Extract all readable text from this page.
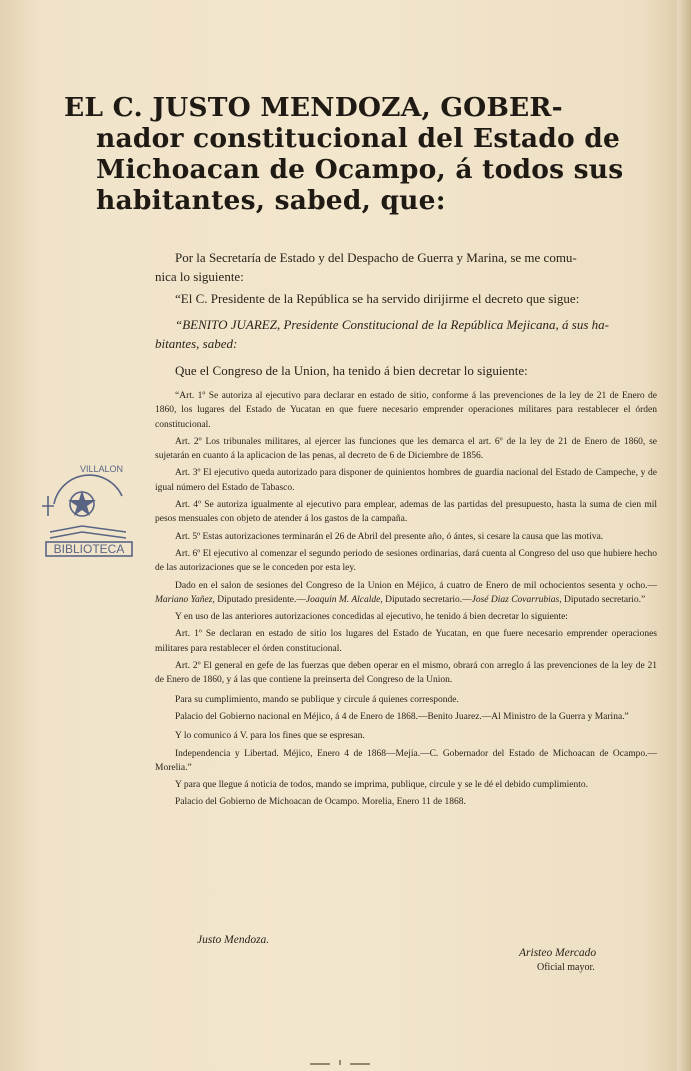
EL C. JUSTO MENDOZA, GOBER-
nador constitucional del Estado de
Michoacan de Ocampo, á todos sus
habitantes, sabed, que:

Por la Secretaría de Estado y del Despacho de Guerra y Marina, se me comu-
nica lo siguiente:

“El C. Presidente de la República se ha servido dirijirme el decreto que sigue:

“BENITO JUAREZ, Presidente Constitucional de la República Mejicana, á sus ha-
bitantes, sabed:

Que el Congreso de la Union, ha tenido á bien decretar lo siguiente:

“Art. 1º Se autoriza al ejecutivo para declarar en estado de sitio, conforme á las prevenciones de la ley de 21 de Enero de 1860, los lugares del Estado de Yucatan en que fuere necesario emprender operaciones militares para restablecer el órden constitucional.

Art. 2º Los tribunales militares, al ejercer las funciones que les demarca el art. 6º de la ley de 21 de Enero de 1860, se sujetarán en cuanto á la aplicacion de las penas, al decreto de 6 de Diciembre de 1856.

Art. 3º El ejecutivo queda autorizado para disponer de quinientos hombres de guardia nacional del Estado de Campeche, y de igual número del Estado de Tabasco.

Art. 4º Se autoriza igualmente al ejecutivo para emplear, ademas de las partidas del presupuesto, hasta la suma de cien mil pesos mensuales con objeto de atender á los gastos de la campaña.

Art. 5º Estas autorizaciones terminarán el 26 de Abril del presente año, ó ántes, si cesare la causa que las motiva.

Art. 6º El ejecutivo al comenzar el segundo periodo de sesiones ordinarias, dará cuenta al Congreso del uso que hubiere hecho de las autorizaciones que se le conceden por esta ley.

Dado en el salon de sesiones del Congreso de la Union en Méjico, á cuatro de Enero de mil ochocientos sesenta y ocho.—Mariano Yañez, Diputado presidente.—Joaquin M. Alcalde, Diputado secretario.—José Diaz Covarrubias, Diputado secretario.”

Y en uso de las anteriores autorizaciones concedidas al ejecutivo, he tenido á bien decretar lo siguiente:

Art. 1º Se declaran en estado de sitio los lugares del Estado de Yucatan, en que fuere necesario emprender operaciones militares para restablecer el órden constitucional.

Art. 2º El general en gefe de las fuerzas que deben operar en el mismo, obrará con arreglo á las prevenciones de la ley de 21 de Enero de 1860, y á las que contiene la preinserta del Congreso de la Union.

Para su cumplimiento, mando se publique y circule á quienes corresponde.

Palacio del Gobierno nacional en Méjico, á 4 de Enero de 1868.—Benito Juarez.—Al Ministro de la Guerra y Marina.”

Y lo comunico á V. para los fines que se espresan.

Independencia y Libertad. Méjico, Enero 4 de 1868—Mejía.—C. Gobernador del Estado de Michoacan de Ocampo.—Morelia.”

Y para que llegue á noticia de todos, mando se imprima, publique, circule y se le dé el debido cumplimiento.

Palacio del Gobierno de Michoacan de Ocampo. Morelia, Enero 11 de 1868.

Justo Mendoza.
Aristeo Mercado
Oficial mayor.
BIBLIOTECA
VILLALON
